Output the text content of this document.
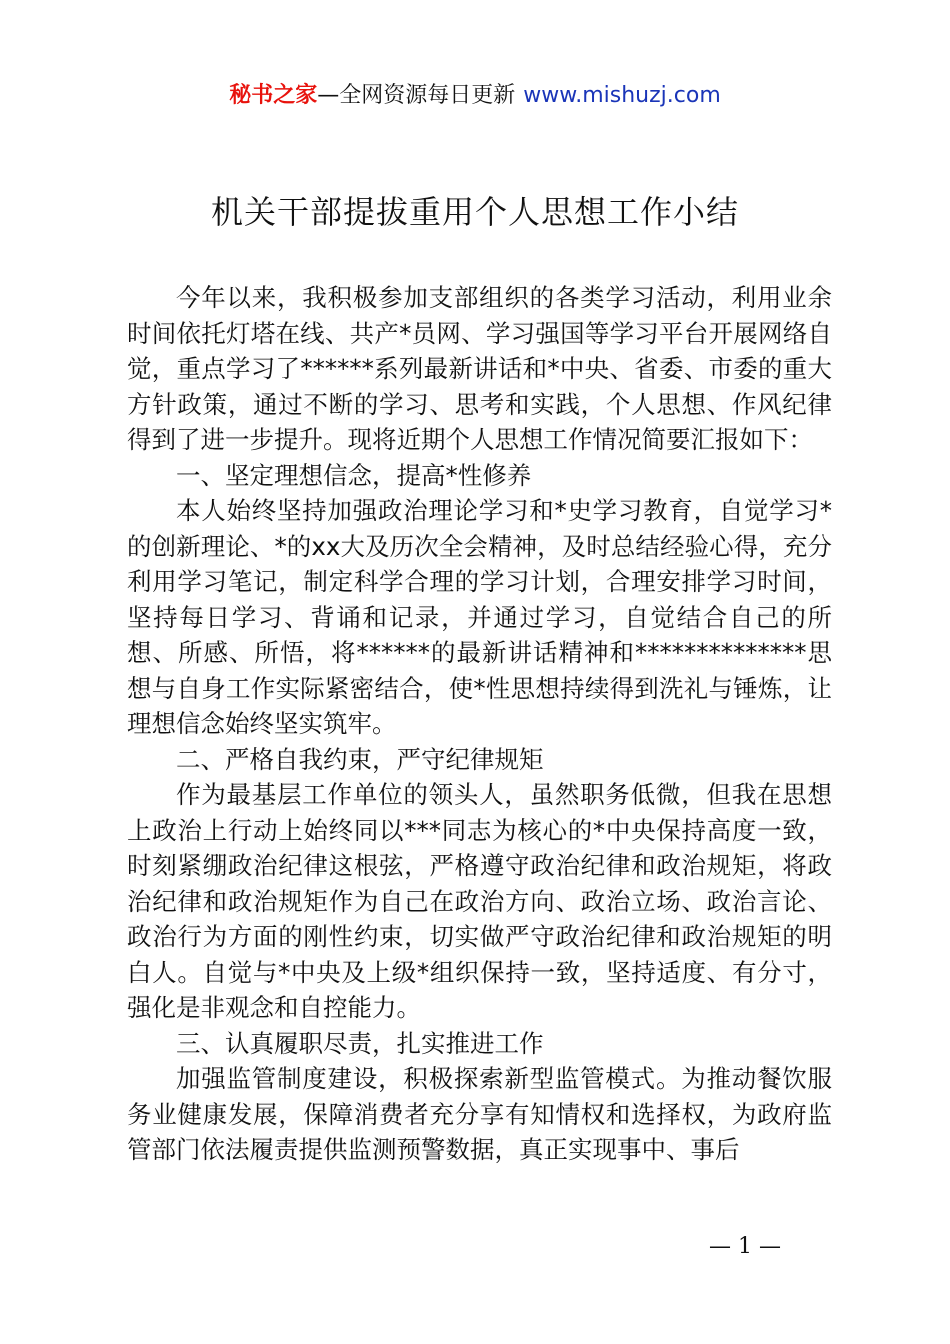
秘书之家—全网资源每日更新 www.mishuzj.com
机关干部提拔重用个人思想工作小结

今年以来，我积极参加支部组织的各类学习活动，利用业余时间依托灯塔在线、共产*员网、学习强国等学习平台开展网络自觉，重点学习了******系列最新讲话和*中央、省委、市委的重大方针政策，通过不断的学习、思考和实践，个人思想、作风纪律得到了进一步提升。现将近期个人思想工作情况简要汇报如下：

一、坚定理想信念，提高*性修养

本人始终坚持加强政治理论学习和*史学习教育，自觉学习*的创新理论、*的xx大及历次全会精神，及时总结经验心得，充分利用学习笔记，制定科学合理的学习计划，合理安排学习时间，坚持每日学习、背诵和记录，并通过学习，自觉结合自己的所想、所感、所悟，将******的最新讲话精神和**************思想与自身工作实际紧密结合，使*性思想持续得到洗礼与锤炼，让理想信念始终坚实筑牢。

二、严格自我约束，严守纪律规矩

作为最基层工作单位的领头人，虽然职务低微，但我在思想上政治上行动上始终同以***同志为核心的*中央保持高度一致，时刻紧绷政治纪律这根弦，严格遵守政治纪律和政治规矩，将政治纪律和政治规矩作为自己在政治方向、政治立场、政治言论、政治行为方面的刚性约束，切实做严守政治纪律和政治规矩的明白人。自觉与*中央及上级*组织保持一致，坚持适度、有分寸，强化是非观念和自控能力。

三、认真履职尽责，扎实推进工作

加强监管制度建设，积极探索新型监管模式。为推动餐饮服务业健康发展，保障消费者充分享有知情权和选择权，为政府监管部门依法履责提供监测预警数据，真正实现事中、事后

— 1 —
